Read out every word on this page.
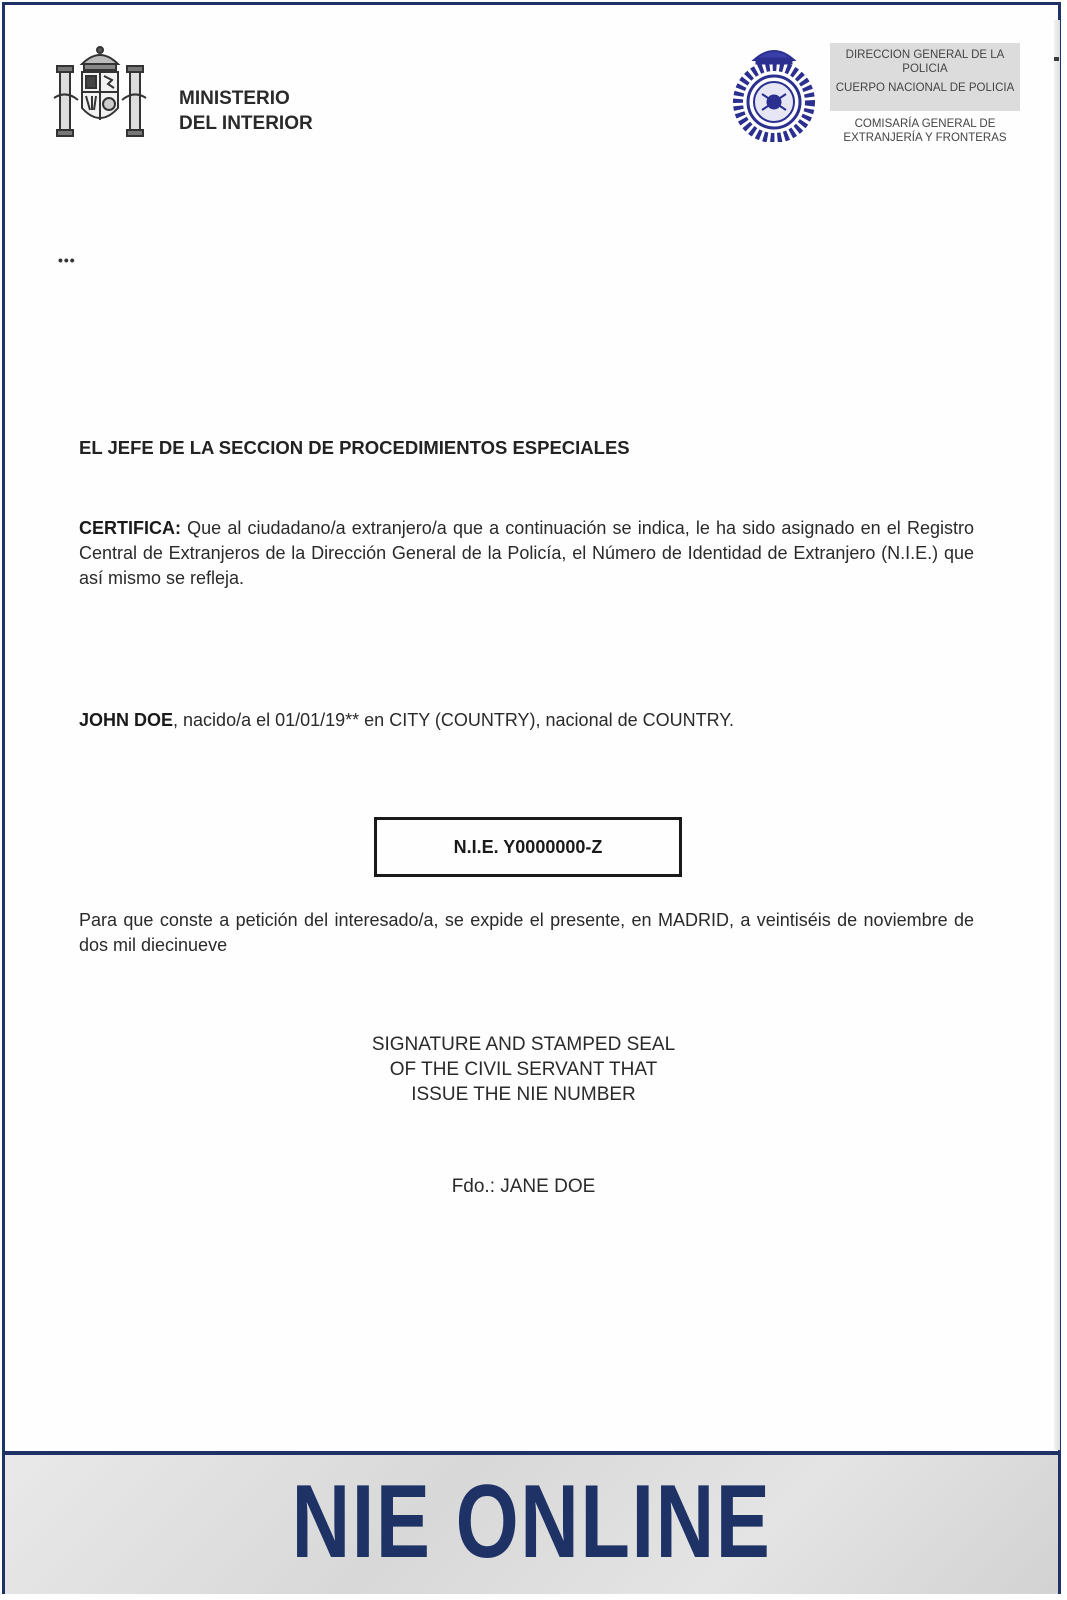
MINISTERIO
DEL INTERIOR
DIRECCION GENERAL DE LA POLICIA
CUERPO NACIONAL DE POLICIA
COMISARÍA GENERAL DE EXTRANJERÍA Y FRONTERAS
•••
EL JEFE DE LA SECCION DE PROCEDIMIENTOS ESPECIALES
CERTIFICA: Que al ciudadano/a extranjero/a que a continuación se indica, le ha sido asignado en el Registro Central de Extranjeros de la Dirección General de la Policía, el Número de Identidad de Extranjero (N.I.E.) que así mismo se refleja.
JOHN DOE, nacido/a el 01/01/19** en CITY (COUNTRY), nacional de COUNTRY.
N.I.E. Y0000000-Z
Para que conste a petición del interesado/a, se expide el presente, en MADRID, a veintiséis de noviembre de dos mil diecinueve
SIGNATURE AND STAMPED SEAL
OF THE CIVIL SERVANT THAT
ISSUE THE NIE NUMBER
Fdo.: JANE DOE
NIE ONLINE
